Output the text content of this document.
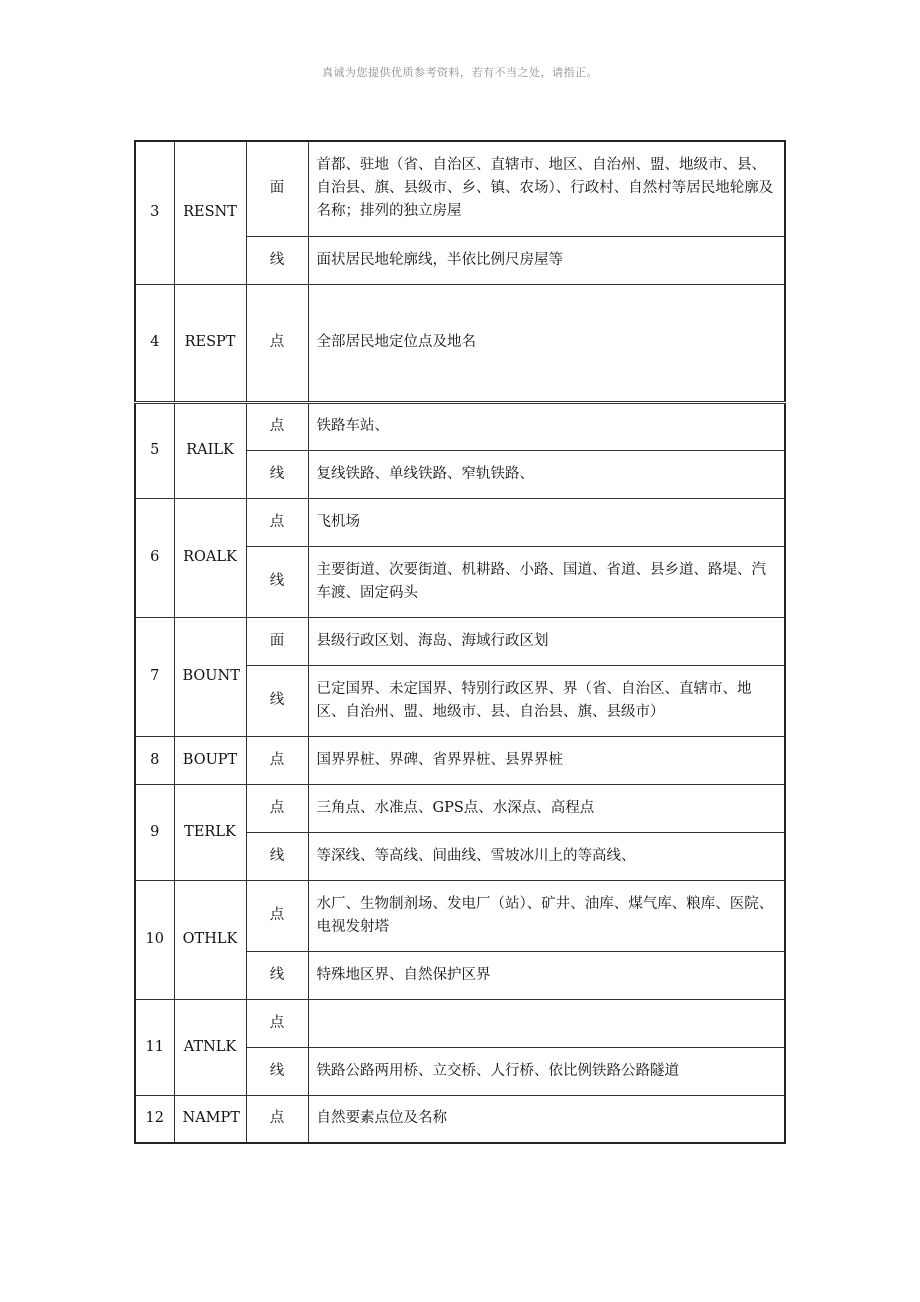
真诚为您提供优质参考资料，若有不当之处，请指正。
3	RESNT	面	首都、驻地（省、自治区、直辖市、地区、自治州、盟、地级市、县、自治县、旗、县级市、乡、镇、农场）、行政村、自然村等居民地轮廓及名称；排列的独立房屋
		线	面状居民地轮廓线，半依比例尺房屋等
4	RESPT	点	全部居民地定位点及地名
5	RAILK	点	铁路车站、
		线	复线铁路、单线铁路、窄轨铁路、
6	ROALK	点	飞机场
		线	主要街道、次要街道、机耕路、小路、国道、省道、县乡道、路堤、汽车渡、固定码头
7	BOUNT	面	县级行政区划、海岛、海域行政区划
		线	已定国界、未定国界、特别行政区界、界（省、自治区、直辖市、地区、自治州、盟、地级市、县、自治县、旗、县级市）
8	BOUPT	点	国界界桩、界碑、省界界桩、县界界桩
9	TERLK	点	三角点、水准点、GPS点、水深点、高程点
		线	等深线、等高线、间曲线、雪坡冰川上的等高线、
10	OTHLK	点	水厂、生物制剂场、发电厂（站）、矿井、油库、煤气库、粮库、医院、电视发射塔
		线	特殊地区界、自然保护区界
11	ATNLK	点	
		线	铁路公路两用桥、立交桥、人行桥、依比例铁路公路隧道
12	NAMPT	点	自然要素点位及名称
